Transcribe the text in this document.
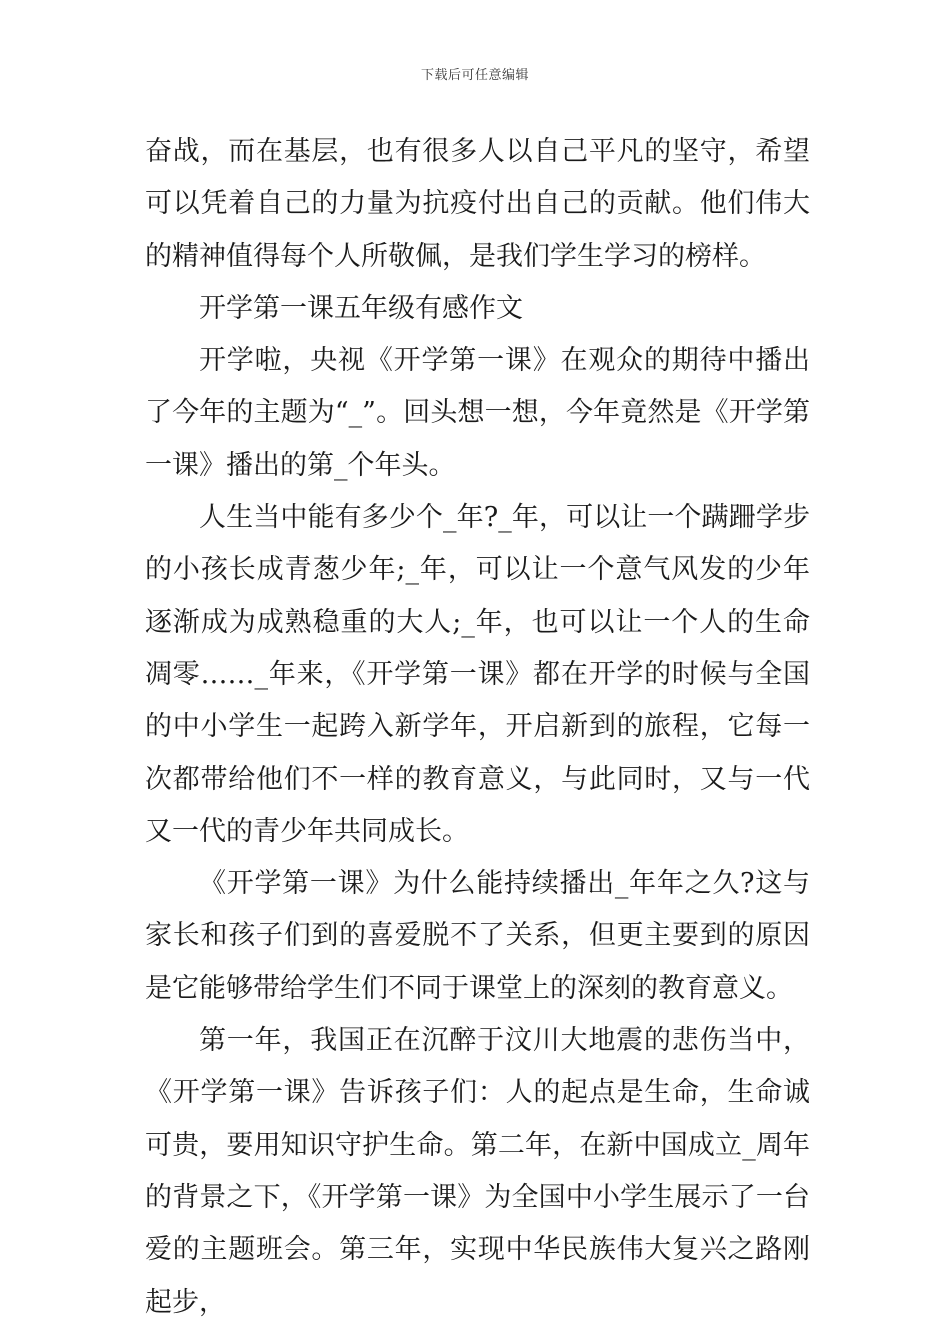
下载后可任意编辑

奋战，而在基层，也有很多人以自己平凡的坚守，希望可以凭着自己的力量为抗疫付出自己的贡献。他们伟大的精神值得每个人所敬佩，是我们学生学习的榜样。

开学第一课五年级有感作文

开学啦，央视《开学第一课》在观众的期待中播出了今年的主题为“_”。回头想一想，今年竟然是《开学第一课》播出的第_个年头。

人生当中能有多少个_年?_年，可以让一个蹒跚学步的小孩长成青葱少年;_年，可以让一个意气风发的少年逐渐成为成熟稳重的大人;_年，也可以让一个人的生命凋零……_年来，《开学第一课》都在开学的时候与全国的中小学生一起跨入新学年，开启新到的旅程，它每一次都带给他们不一样的教育意义，与此同时，又与一代又一代的青少年共同成长。

《开学第一课》为什么能持续播出_年年之久?这与家长和孩子们到的喜爱脱不了关系，但更主要到的原因是它能够带给学生们不同于课堂上的深刻的教育意义。

第一年，我国正在沉醉于汶川大地震的悲伤当中，《开学第一课》告诉孩子们：人的起点是生命，生命诚可贵，要用知识守护生命。第二年，在新中国成立_周年的背景之下，《开学第一课》为全国中小学生展示了一台爱的主题班会。第三年，实现中华民族伟大复兴之路刚起步，
